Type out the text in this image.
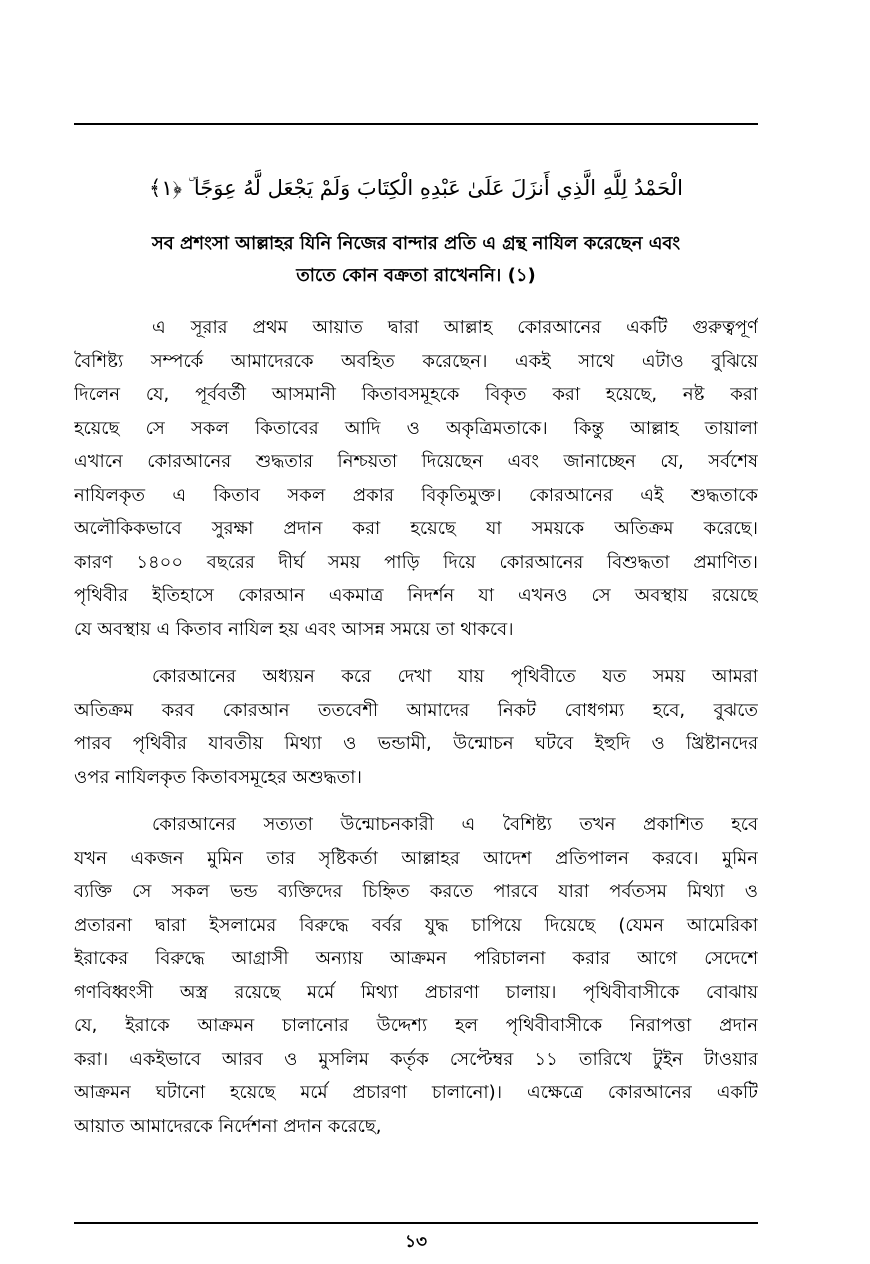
الْحَمْدُ لِلَّهِ الَّذِي أَنزَلَ عَلَىٰ عَبْدِهِ الْكِتَابَ وَلَمْ يَجْعَل لَّهُ عِوَجًا ۜ ﴿١﴾
সব প্রশংসা আল্লাহর যিনি নিজের বান্দার প্রতি এ গ্রন্থ নাযিল করেছেন এবং
তাতে কোন বক্রতা রাখেননি। (১)
এ সূরার প্রথম আয়াত দ্বারা আল্লাহ কোরআনের একটি গুরুত্বপূর্ণ
বৈশিষ্ট্য সম্পর্কে আমাদেরকে অবহিত করেছেন। একই সাথে এটাও বুঝিয়ে
দিলেন যে, পূর্ববর্তী আসমানী কিতাবসমূহকে বিকৃত করা হয়েছে, নষ্ট করা
হয়েছে সে সকল কিতাবের আদি ও অকৃত্রিমতাকে। কিন্তু আল্লাহ তায়ালা
এখানে কোরআনের শুদ্ধতার নিশ্চয়তা দিয়েছেন এবং জানাচ্ছেন যে, সর্বশেষ
নাযিলকৃত এ কিতাব সকল প্রকার বিকৃতিমুক্ত। কোরআনের এই শুদ্ধতাকে
অলৌকিকভাবে সুরক্ষা প্রদান করা হয়েছে যা সময়কে অতিক্রম করেছে।
কারণ ১৪০০ বছরের দীর্ঘ সময় পাড়ি দিয়ে কোরআনের বিশুদ্ধতা প্রমাণিত।
পৃথিবীর ইতিহাসে কোরআন একমাত্র নিদর্শন যা এখনও সে অবস্থায় রয়েছে
যে অবস্থায় এ কিতাব নাযিল হয় এবং আসন্ন সময়ে তা থাকবে।
কোরআনের অধ্যয়ন করে দেখা যায় পৃথিবীতে যত সময় আমরা
অতিক্রম করব কোরআন ততবেশী আমাদের নিকট বোধগম্য হবে, বুঝতে
পারব পৃথিবীর যাবতীয় মিথ্যা ও ভন্ডামী, উন্মোচন ঘটবে ইহুদি ও খ্রিষ্টানদের
ওপর নাযিলকৃত কিতাবসমূহের অশুদ্ধতা।
কোরআনের সত্যতা উন্মোচনকারী এ বৈশিষ্ট্য তখন প্রকাশিত হবে
যখন একজন মুমিন তার সৃষ্টিকর্তা আল্লাহর আদেশ প্রতিপালন করবে। মুমিন
ব্যক্তি সে সকল ভন্ড ব্যক্তিদের চিহ্নিত করতে পারবে যারা পর্বতসম মিথ্যা ও
প্রতারনা দ্বারা ইসলামের বিরুদ্ধে বর্বর যুদ্ধ চাপিয়ে দিয়েছে (যেমন আমেরিকা
ইরাকের বিরুদ্ধে আগ্রাসী অন্যায় আক্রমন পরিচালনা করার আগে সেদেশে
গণবিধ্বংসী অস্ত্র রয়েছে মর্মে মিথ্যা প্রচারণা চালায়। পৃথিবীবাসীকে বোঝায়
যে, ইরাকে আক্রমন চালানোর উদ্দেশ্য হল পৃথিবীবাসীকে নিরাপত্তা প্রদান
করা। একইভাবে আরব ও মুসলিম কর্তৃক সেপ্টেম্বর ১১ তারিখে টুইন টাওয়ার
আক্রমন ঘটানো হয়েছে মর্মে প্রচারণা চালানো)। এক্ষেত্রে কোরআনের একটি
আয়াত আমাদেরকে নির্দেশনা প্রদান করেছে,
১৩
